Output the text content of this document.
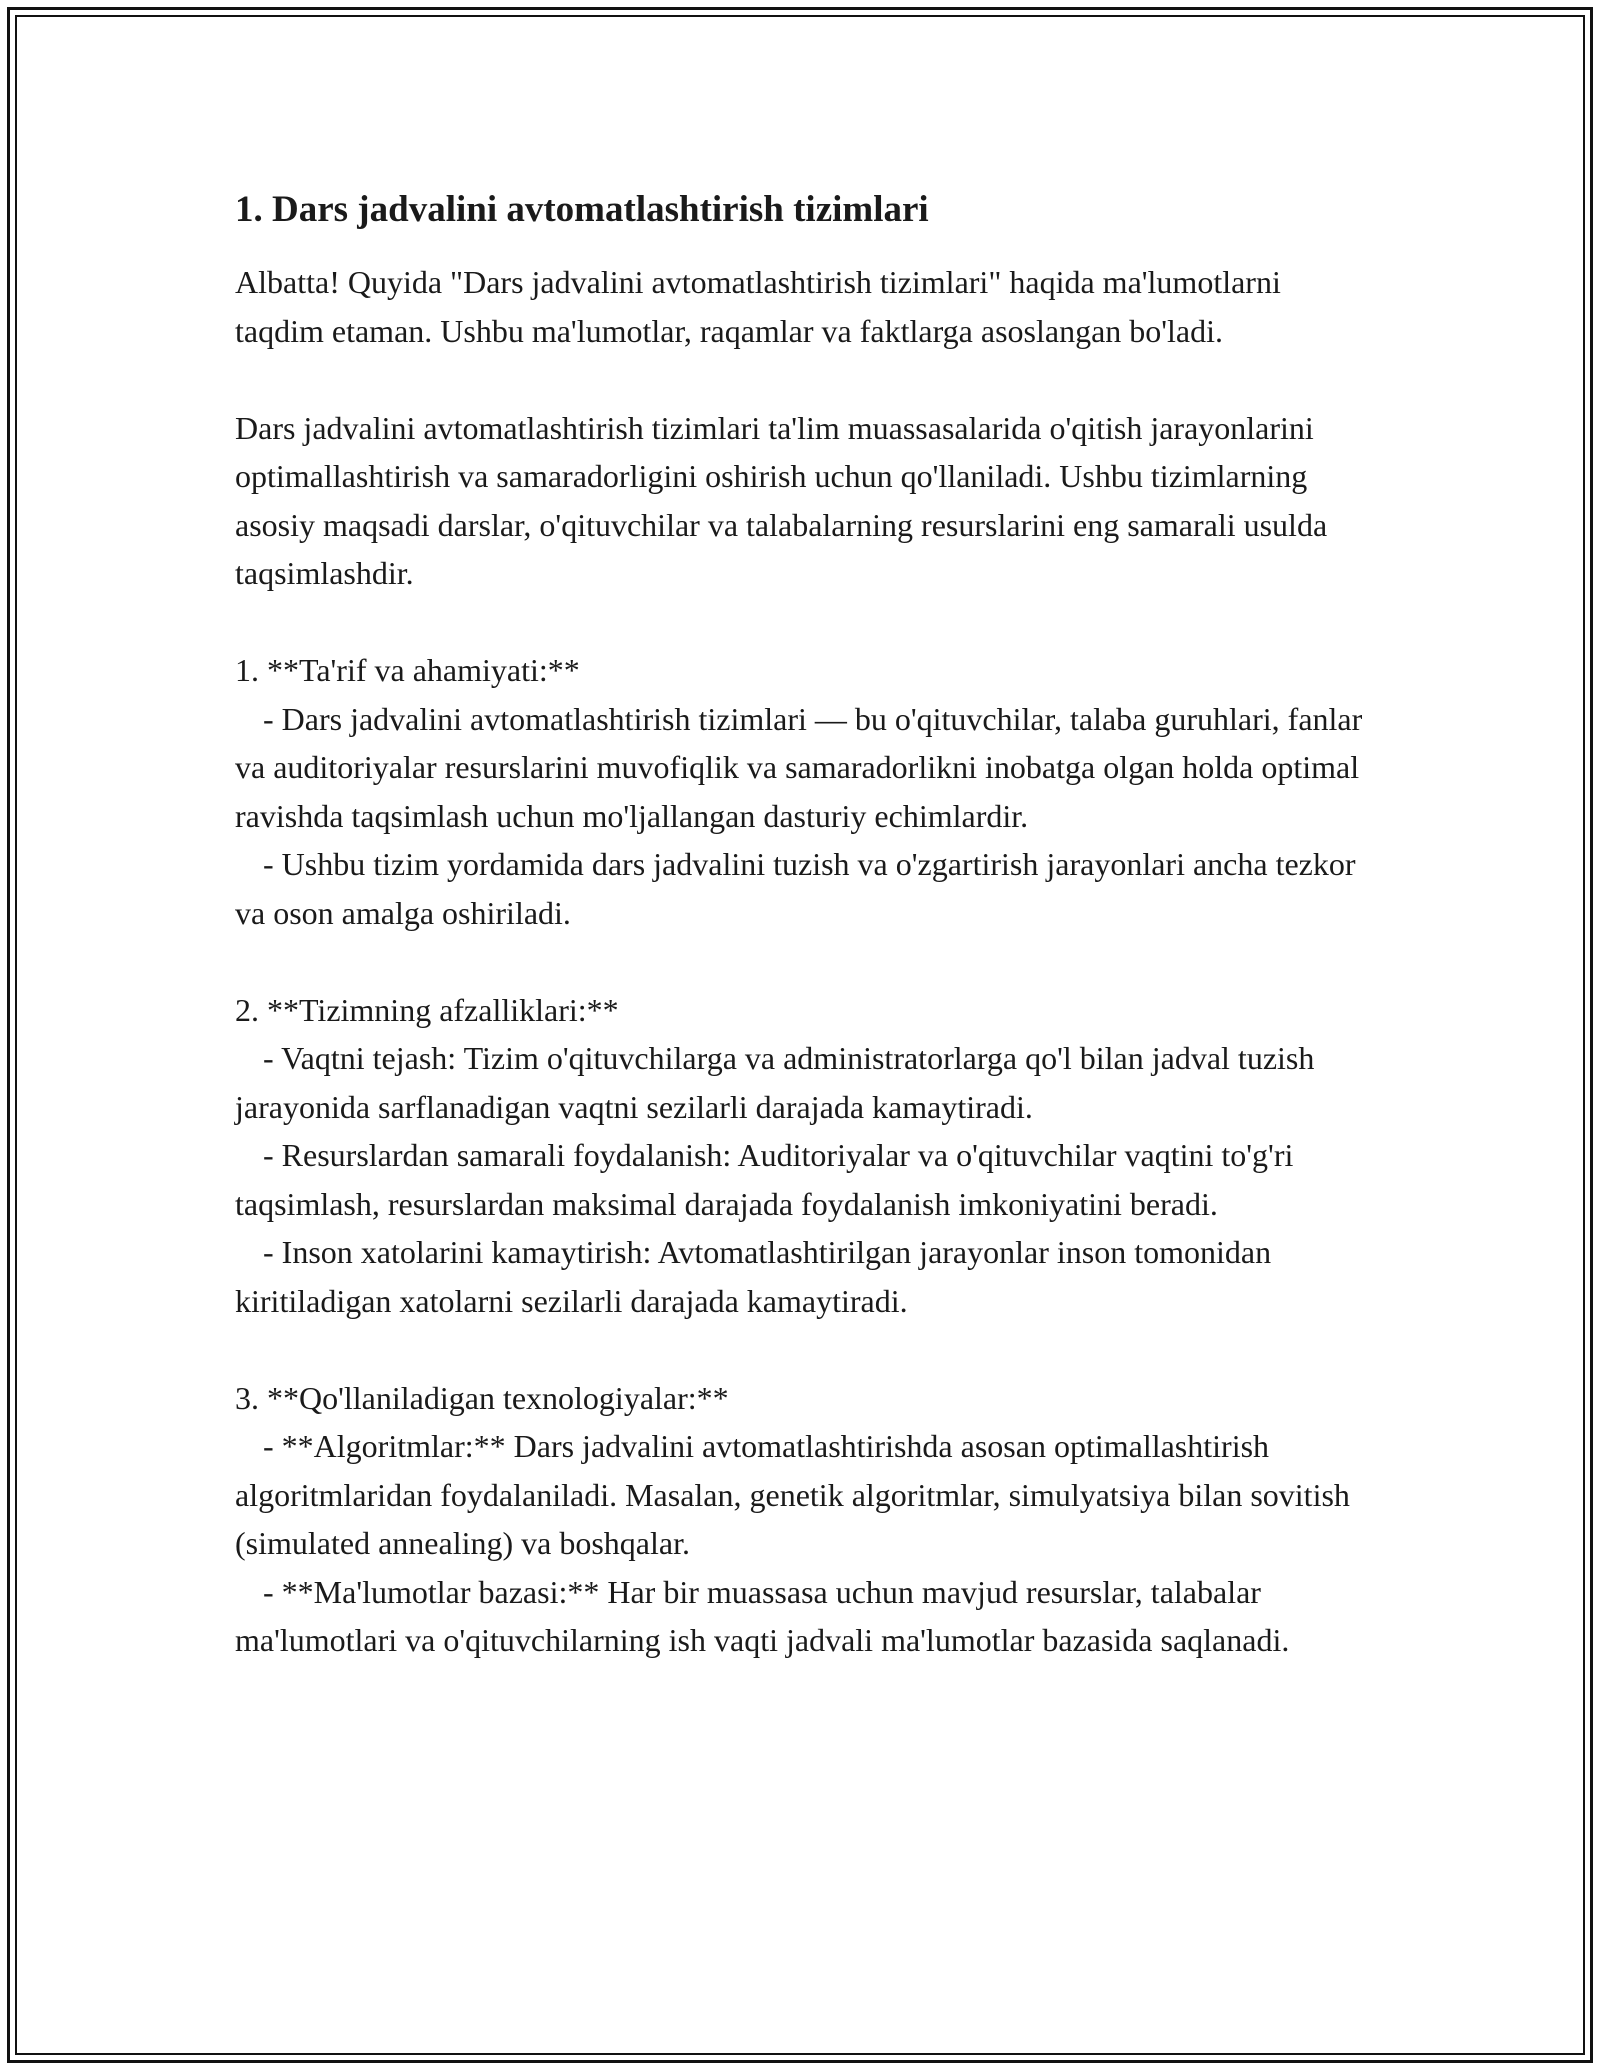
1. Dars jadvalini avtomatlashtirish tizimlari
Albatta! Quyida "Dars jadvalini avtomatlashtirish tizimlari" haqida ma'lumotlarni taqdim etaman. Ushbu ma'lumotlar, raqamlar va faktlarga asoslangan bo'ladi.
Dars jadvalini avtomatlashtirish tizimlari ta'lim muassasalarida o'qitish jarayonlarini optimallashtirish va samaradorligini oshirish uchun qo'llaniladi. Ushbu tizimlarning asosiy maqsadi darslar, o'qituvchilar va talabalarning resurslarini eng samarali usulda taqsimlashdir.
1. **Ta'rif va ahamiyati:**
- Dars jadvalini avtomatlashtirish tizimlari — bu o'qituvchilar, talaba guruhlari, fanlar va auditoriyalar resurslarini muvofiqlik va samaradorlikni inobatga olgan holda optimal ravishda taqsimlash uchun mo'ljallangan dasturiy echimlardir.
- Ushbu tizim yordamida dars jadvalini tuzish va o'zgartirish jarayonlari ancha tezkor va oson amalga oshiriladi.
2. **Tizimning afzalliklari:**
- Vaqtni tejash: Tizim o'qituvchilarga va administratorlarga qo'l bilan jadval tuzish jarayonida sarflanadigan vaqtni sezilarli darajada kamaytiradi.
- Resurslardan samarali foydalanish: Auditoriyalar va o'qituvchilar vaqtini to'g'ri taqsimlash, resurslardan maksimal darajada foydalanish imkoniyatini beradi.
- Inson xatolarini kamaytirish: Avtomatlashtirilgan jarayonlar inson tomonidan kiritiladigan xatolarni sezilarli darajada kamaytiradi.
3. **Qo'llaniladigan texnologiyalar:**
- **Algoritmlar:** Dars jadvalini avtomatlashtirishda asosan optimallashtirish algoritmlaridan foydalaniladi. Masalan, genetik algoritmlar, simulyatsiya bilan sovitish (simulated annealing) va boshqalar.
- **Ma'lumotlar bazasi:** Har bir muassasa uchun mavjud resurslar, talabalar ma'lumotlari va o'qituvchilarning ish vaqti jadvali ma'lumotlar bazasida saqlanadi.
